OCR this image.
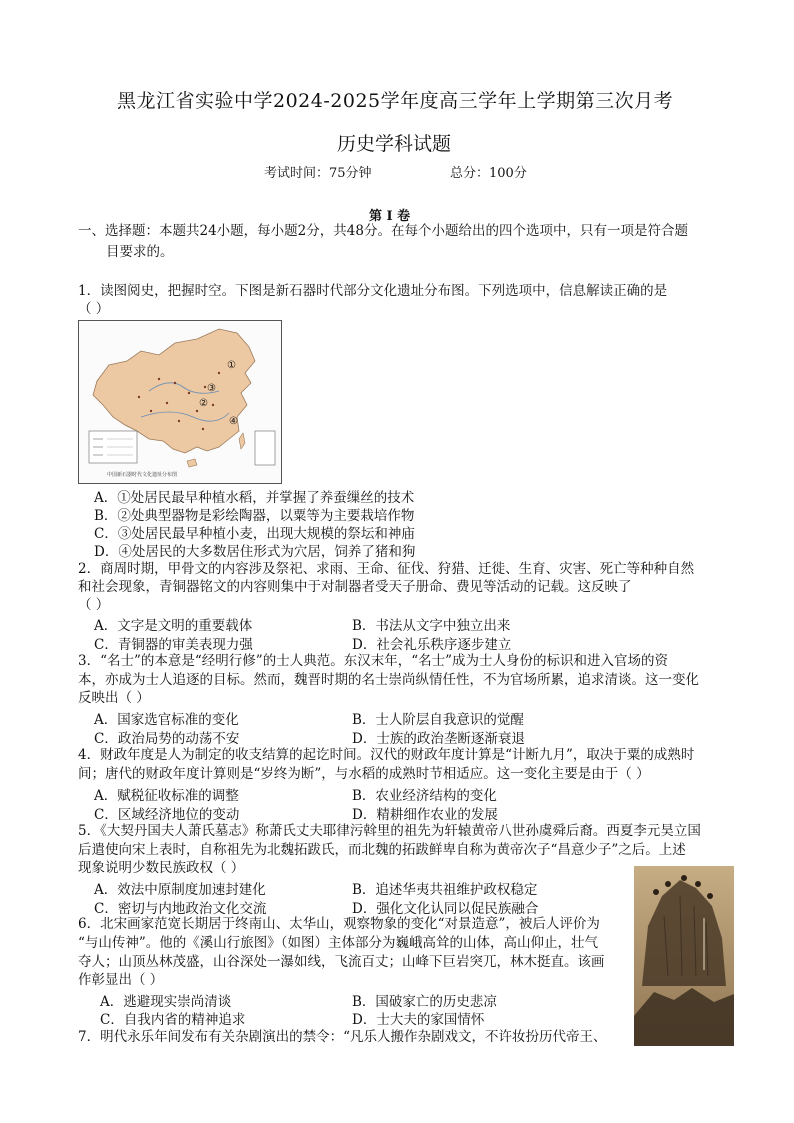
黑龙江省实验中学2024-2025学年度高三学年上学期第三次月考
历史学科试题
考试时间：75分钟	总分：100分
第 Ⅰ 卷
一、选择题：本题共24小题，每小题2分，共48分。在每个小题给出的四个选项中，只有一项是符合题
目要求的。
1．读图阅史，把握时空。下图是新石器时代部分文化遗址分布图。下列选项中，信息解读正确的是
（ ）
①
③
②
④
中国新石器时代文化遗址分布图
A．①处居民最早种植水稻，并掌握了养蚕缫丝的技术
B．②处典型器物是彩绘陶器，以粟等为主要栽培作物
C．③处居民最早种植小麦，出现大规模的祭坛和神庙
D．④处居民的大多数居住形式为穴居，饲养了猪和狗
2．商周时期，甲骨文的内容涉及祭祀、求雨、王命、征伐、狩猎、迁徙、生育、灾害、死亡等种种自然
和社会现象，青铜器铭文的内容则集中于对制器者受天子册命、费见等活动的记载。这反映了
（ ）
A．文字是文明的重要载体	B．书法从文字中独立出来
C．青铜器的审美表现力强	D．社会礼乐秩序逐步建立
3．“名士”的本意是“经明行修”的士人典范。东汉末年，“名士”成为士人身份的标识和进入官场的资
本，亦成为士人追逐的目标。然而，魏晋时期的名士崇尚纵情任性，不为官场所累，追求清谈。这一变化
反映出（ ）
A．国家选官标准的变化	B．士人阶层自我意识的觉醒
C．政治局势的动荡不安	D．士族的政治垄断逐渐衰退
4．财政年度是人为制定的收支结算的起讫时间。汉代的财政年度计算是“计断九月”，取决于粟的成熟时
间；唐代的财政年度计算则是“岁终为断”，与水稻的成熟时节相适应。这一变化主要是由于（ ）
A．赋税征收标准的调整	B．农业经济结构的变化
C．区域经济地位的变动	D．精耕细作农业的发展
5．《大契丹国夫人萧氏墓志》称萧氏丈夫耶律污斡里的祖先为轩辕黄帝八世孙虞舜后裔。西夏李元昊立国
后遣使向宋上表时，自称祖先为北魏拓跋氏，而北魏的拓跋鲜卑自称为黄帝次子“昌意少子”之后。上述
现象说明少数民族政权（ ）
A．效法中原制度加速封建化	B．追述华夷共祖维护政权稳定
C．密切与内地政治文化交流	D．强化文化认同以促民族融合
6．北宋画家范宽长期居于终南山、太华山，观察物象的变化“对景造意”，被后人评价为
“与山传神”。他的《溪山行旅图》（如图）主体部分为巍峨高耸的山体，高山仰止，壮气
夺人；山顶丛林茂盛，山谷深处一瀑如线，飞流百丈；山峰下巨岩突兀，林木挺直。该画
作彰显出（ ）
A．逃避现实崇尚清谈	B．国破家亡的历史悲凉
C．自我内省的精神追求	D．士大夫的家国情怀
7．明代永乐年间发布有关杂剧演出的禁令：“凡乐人搬作杂剧戏文，不许妆扮历代帝王、
